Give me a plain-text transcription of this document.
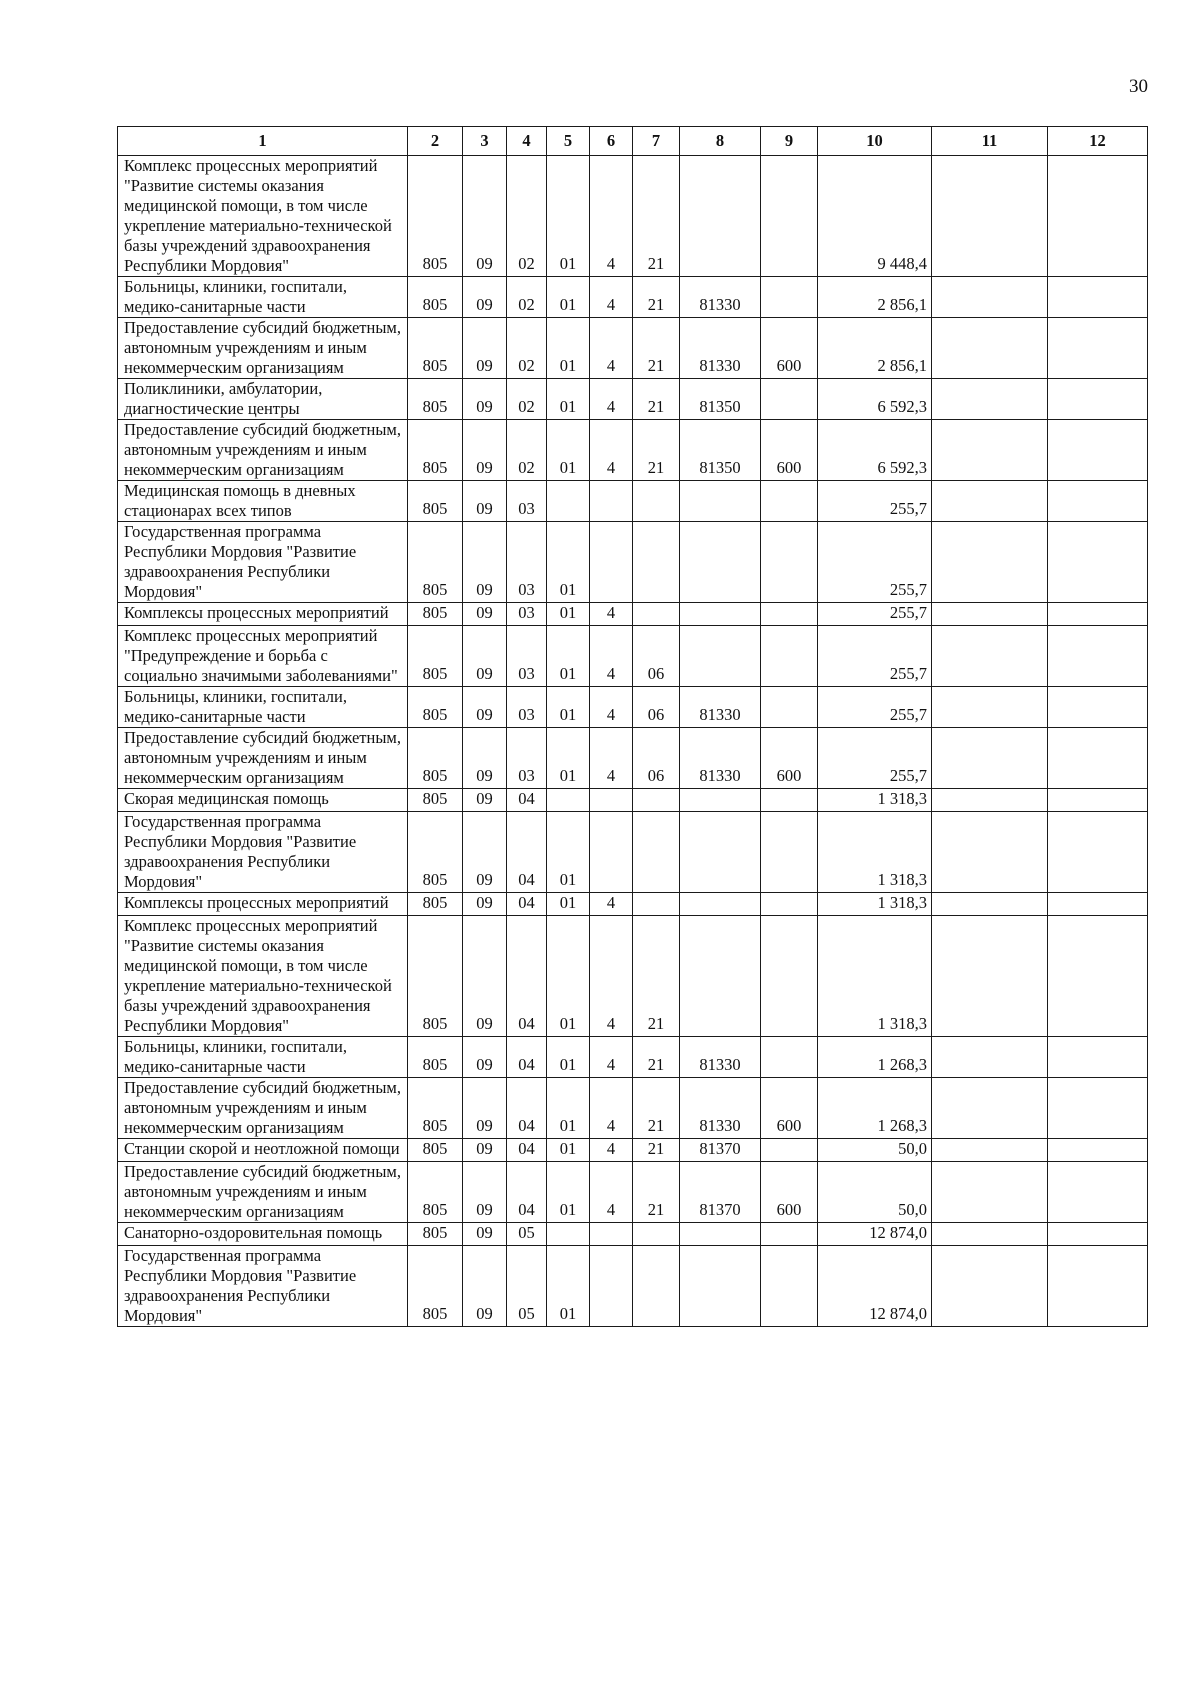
30
1	2	3	4	5	6	7	8	9	10	11	12

Комплекс процессных мероприятий "Развитие системы оказания медицинской помощи, в том числе укрепление материально-технической базы учреждений здравоохранения Республики Мордовия"	805	09	02	01	4	21			9 448,4		

Больницы, клиники, госпитали, медико-санитарные части	805	09	02	01	4	21	81330		2 856,1		

Предоставление субсидий бюджетным, автономным учреждениям и иным некоммерческим организациям	805	09	02	01	4	21	81330	600	2 856,1		

Поликлиники, амбулатории, диагностические центры	805	09	02	01	4	21	81350		6 592,3		

Предоставление субсидий бюджетным, автономным учреждениям и иным некоммерческим организациям	805	09	02	01	4	21	81350	600	6 592,3		

Медицинская помощь в дневных стационарах всех типов	805	09	03						255,7		

Государственная программа Республики Мордовия "Развитие здравоохранения Республики Мордовия"	805	09	03	01					255,7		

Комплексы процессных мероприятий	805	09	03	01	4				255,7		

Комплекс процессных мероприятий "Предупреждение и борьба с социально значимыми заболеваниями"	805	09	03	01	4	06			255,7		

Больницы, клиники, госпитали, медико-санитарные части	805	09	03	01	4	06	81330		255,7		

Предоставление субсидий бюджетным, автономным учреждениям и иным некоммерческим организациям	805	09	03	01	4	06	81330	600	255,7		

Скорая медицинская помощь	805	09	04						1 318,3		

Государственная программа Республики Мордовия "Развитие здравоохранения Республики Мордовия"	805	09	04	01					1 318,3		

Комплексы процессных мероприятий	805	09	04	01	4				1 318,3		

Комплекс процессных мероприятий "Развитие системы оказания медицинской помощи, в том числе укрепление материально-технической базы учреждений здравоохранения Республики Мордовия"	805	09	04	01	4	21			1 318,3		

Больницы, клиники, госпитали, медико-санитарные части	805	09	04	01	4	21	81330		1 268,3		

Предоставление субсидий бюджетным, автономным учреждениям и иным некоммерческим организациям	805	09	04	01	4	21	81330	600	1 268,3		

Станции скорой и неотложной помощи	805	09	04	01	4	21	81370		50,0		

Предоставление субсидий бюджетным, автономным учреждениям и иным некоммерческим организациям	805	09	04	01	4	21	81370	600	50,0		

Санаторно-оздоровительная помощь	805	09	05						12 874,0		

Государственная программа Республики Мордовия "Развитие здравоохранения Республики Мордовия"	805	09	05	01					12 874,0		
